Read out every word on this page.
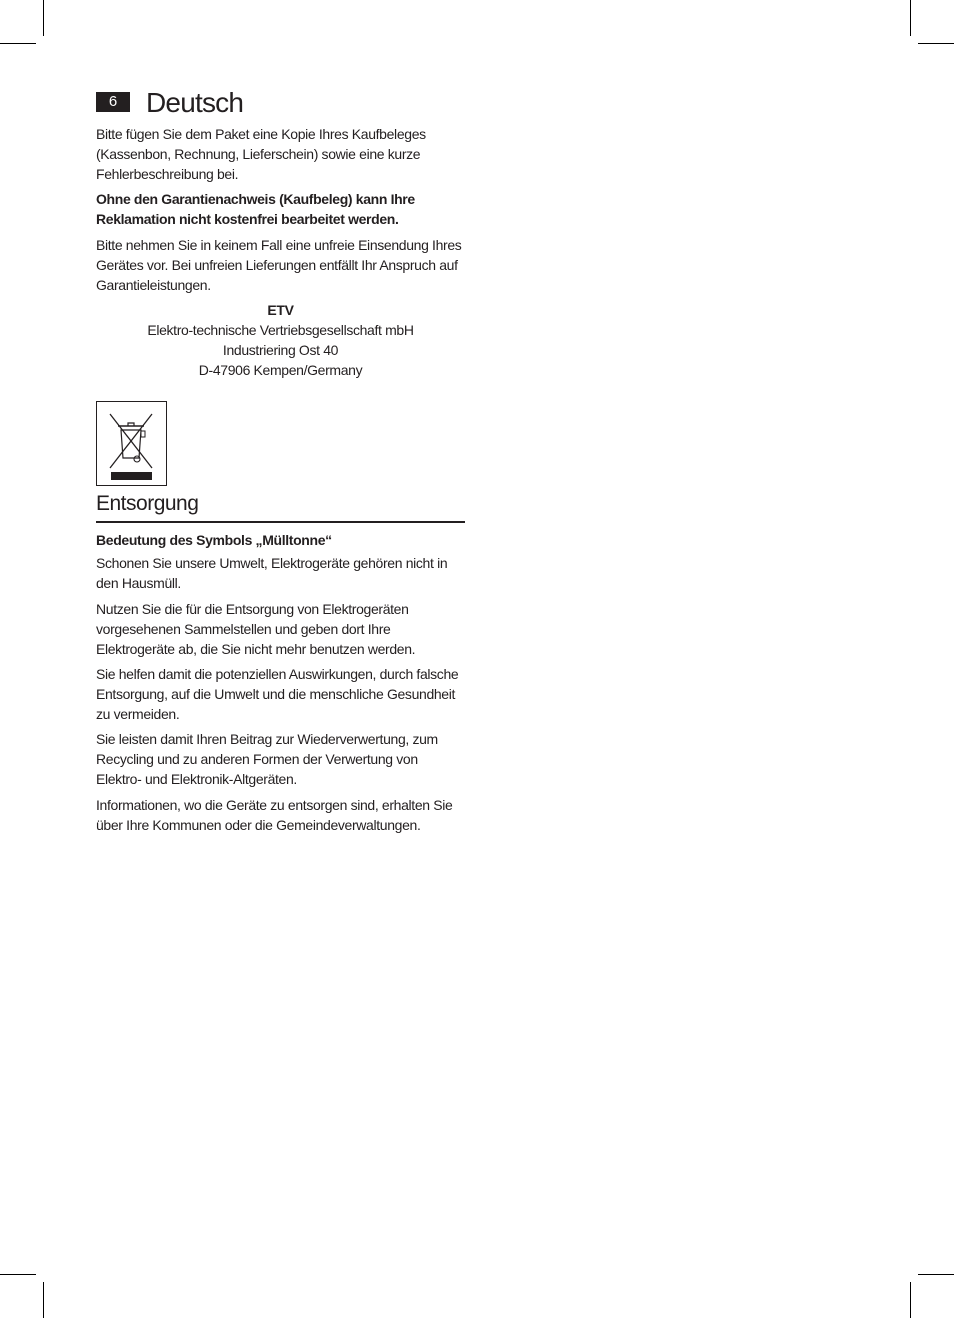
6	Deutsch

Bitte fügen Sie dem Paket eine Kopie Ihres Kaufbeleges (Kassenbon, Rechnung, Lieferschein) sowie eine kurze Fehlerbeschreibung bei.

Ohne den Garantienachweis (Kaufbeleg) kann Ihre Reklamation nicht kostenfrei bearbeitet werden.

Bitte nehmen Sie in keinem Fall eine unfreie Einsendung Ihres Gerätes vor. Bei unfreien Lieferungen entfällt Ihr Anspruch auf Garantieleistungen.

ETV
Elektro-technische Vertriebsgesellschaft mbH
Industriering Ost 40
D-47906 Kempen/Germany
Entsorgung
Bedeutung des Symbols „Mülltonne“

Schonen Sie unsere Umwelt, Elektrogeräte gehören nicht in den Hausmüll.

Nutzen Sie die für die Entsorgung von Elektrogeräten vorgesehenen Sammelstellen und geben dort Ihre Elektrogeräte ab, die Sie nicht mehr benutzen werden.

Sie helfen damit die potenziellen Auswirkungen, durch falsche Entsorgung, auf die Umwelt und die menschliche Gesundheit zu vermeiden.

Sie leisten damit Ihren Beitrag zur Wiederverwertung, zum Recycling und zu anderen Formen der Verwertung von Elektro- und Elektronik-Altgeräten.

Informationen, wo die Geräte zu entsorgen sind, erhalten Sie über Ihre Kommunen oder die Gemeindeverwaltungen.
